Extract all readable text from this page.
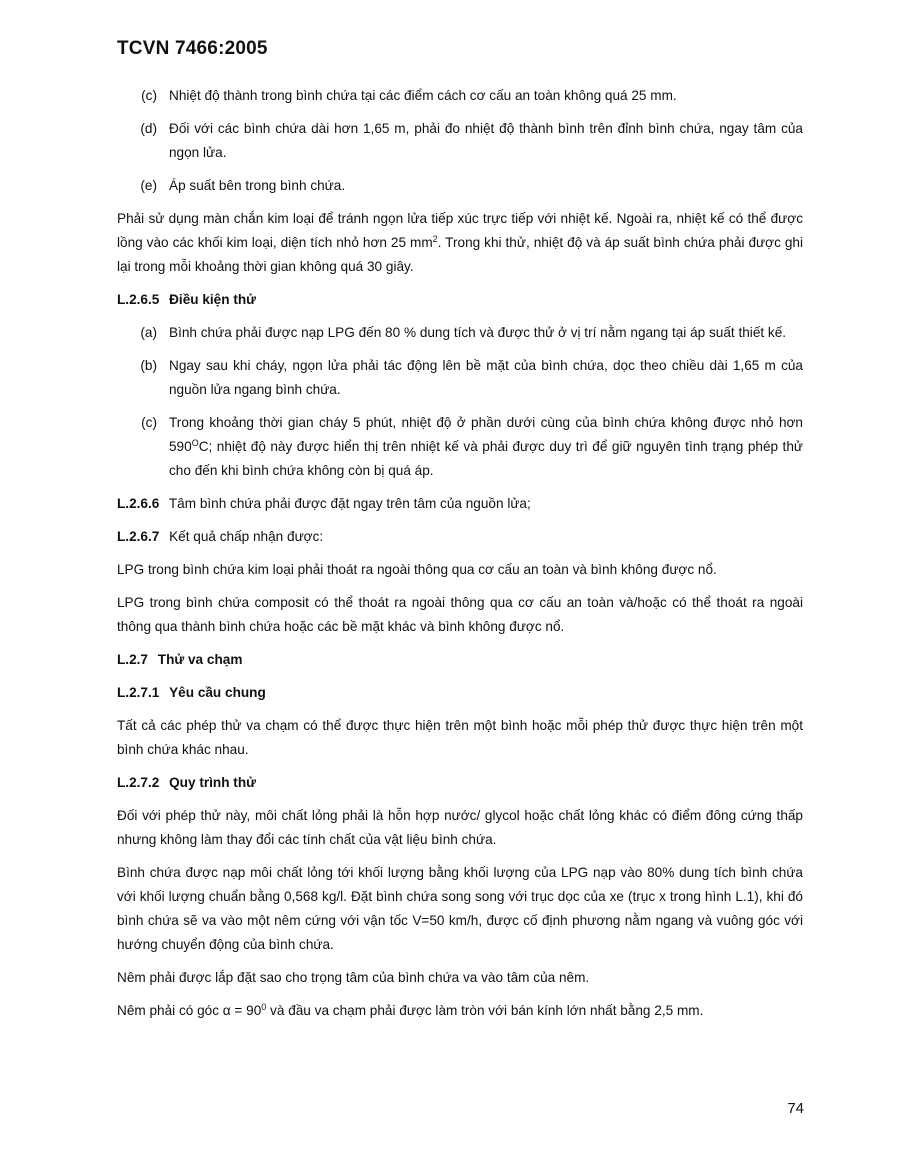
TCVN 7466:2005
(c) Nhiệt độ thành trong bình chứa tại các điểm cách cơ cấu an toàn không quá 25 mm.
(d) Đối với các bình chứa dài hơn 1,65 m, phải đo nhiệt độ thành bình trên đỉnh bình chứa, ngay tâm của ngọn lửa.
(e) Áp suất bên trong bình chứa.

Phải sử dụng màn chắn kim loại để tránh ngọn lửa tiếp xúc trực tiếp với nhiệt kế. Ngoài ra, nhiệt kế có thể được lồng vào các khối kim loại, diện tích nhỏ hơn 25 $mm^2$. Trong khi thử, nhiệt độ và áp suất bình chứa phải được ghi lại trong mỗi khoảng thời gian không quá 30 giây.

L.2.6.5 Điều kiện thử
(a) Bình chứa phải được nạp LPG đến 80 % dung tích và được thử ở vị trí nằm ngang tại áp suất thiết kế.
(b) Ngay sau khi cháy, ngọn lửa phải tác động lên bề mặt của bình chứa, dọc theo chiều dài 1,65 m của nguồn lửa ngang bình chứa.
(c) Trong khoảng thời gian cháy 5 phút, nhiệt độ ở phần dưới cùng của bình chứa không được nhỏ hơn $590^OC$; nhiệt độ này được hiển thị trên nhiệt kế và phải được duy trì để giữ nguyên tình trạng phép thử cho đến khi bình chứa không còn bị quá áp.
L.2.6.6 Tâm bình chứa phải được đặt ngay trên tâm của nguồn lửa;
L.2.6.7 Kết quả chấp nhận được:

LPG trong bình chứa kim loại phải thoát ra ngoài thông qua cơ cấu an toàn và bình không được nổ.

LPG trong bình chứa composit có thể thoát ra ngoài thông qua cơ cấu an toàn và/hoặc có thể thoát ra ngoài thông qua thành bình chứa hoặc các bề mặt khác và bình không được nổ.

L.2.7 Thử va chạm
L.2.7.1 Yêu cầu chung

Tất cả các phép thử va chạm có thể được thực hiện trên một bình hoặc mỗi phép thử được thực hiện trên một bình chứa khác nhau.

L.2.7.2 Quy trình thử

Đối với phép thử này, môi chất lỏng phải là hỗn hợp nước/ glycol hoặc chất lỏng khác có điểm đông cứng thấp nhưng không làm thay đổi các tính chất của vật liệu bình chứa.

Bình chứa được nạp môi chất lỏng tới khối lượng bằng khối lượng của LPG nạp vào 80% dung tích bình chứa với khối lượng chuẩn bằng 0,568 kg/l. Đặt bình chứa song song với trục dọc của xe (trục x trong hình L.1), khi đó bình chứa sẽ va vào một nêm cứng với vận tốc V=50 km/h, được cố định phương nằm ngang và vuông góc với hướng chuyển động của bình chứa.

Nêm phải được lắp đặt sao cho trọng tâm của bình chứa va vào tâm của nêm.

Nêm phải có góc $\alpha = 90^0$ và đầu va chạm phải được làm tròn với bán kính lớn nhất bằng 2,5 mm.

74
